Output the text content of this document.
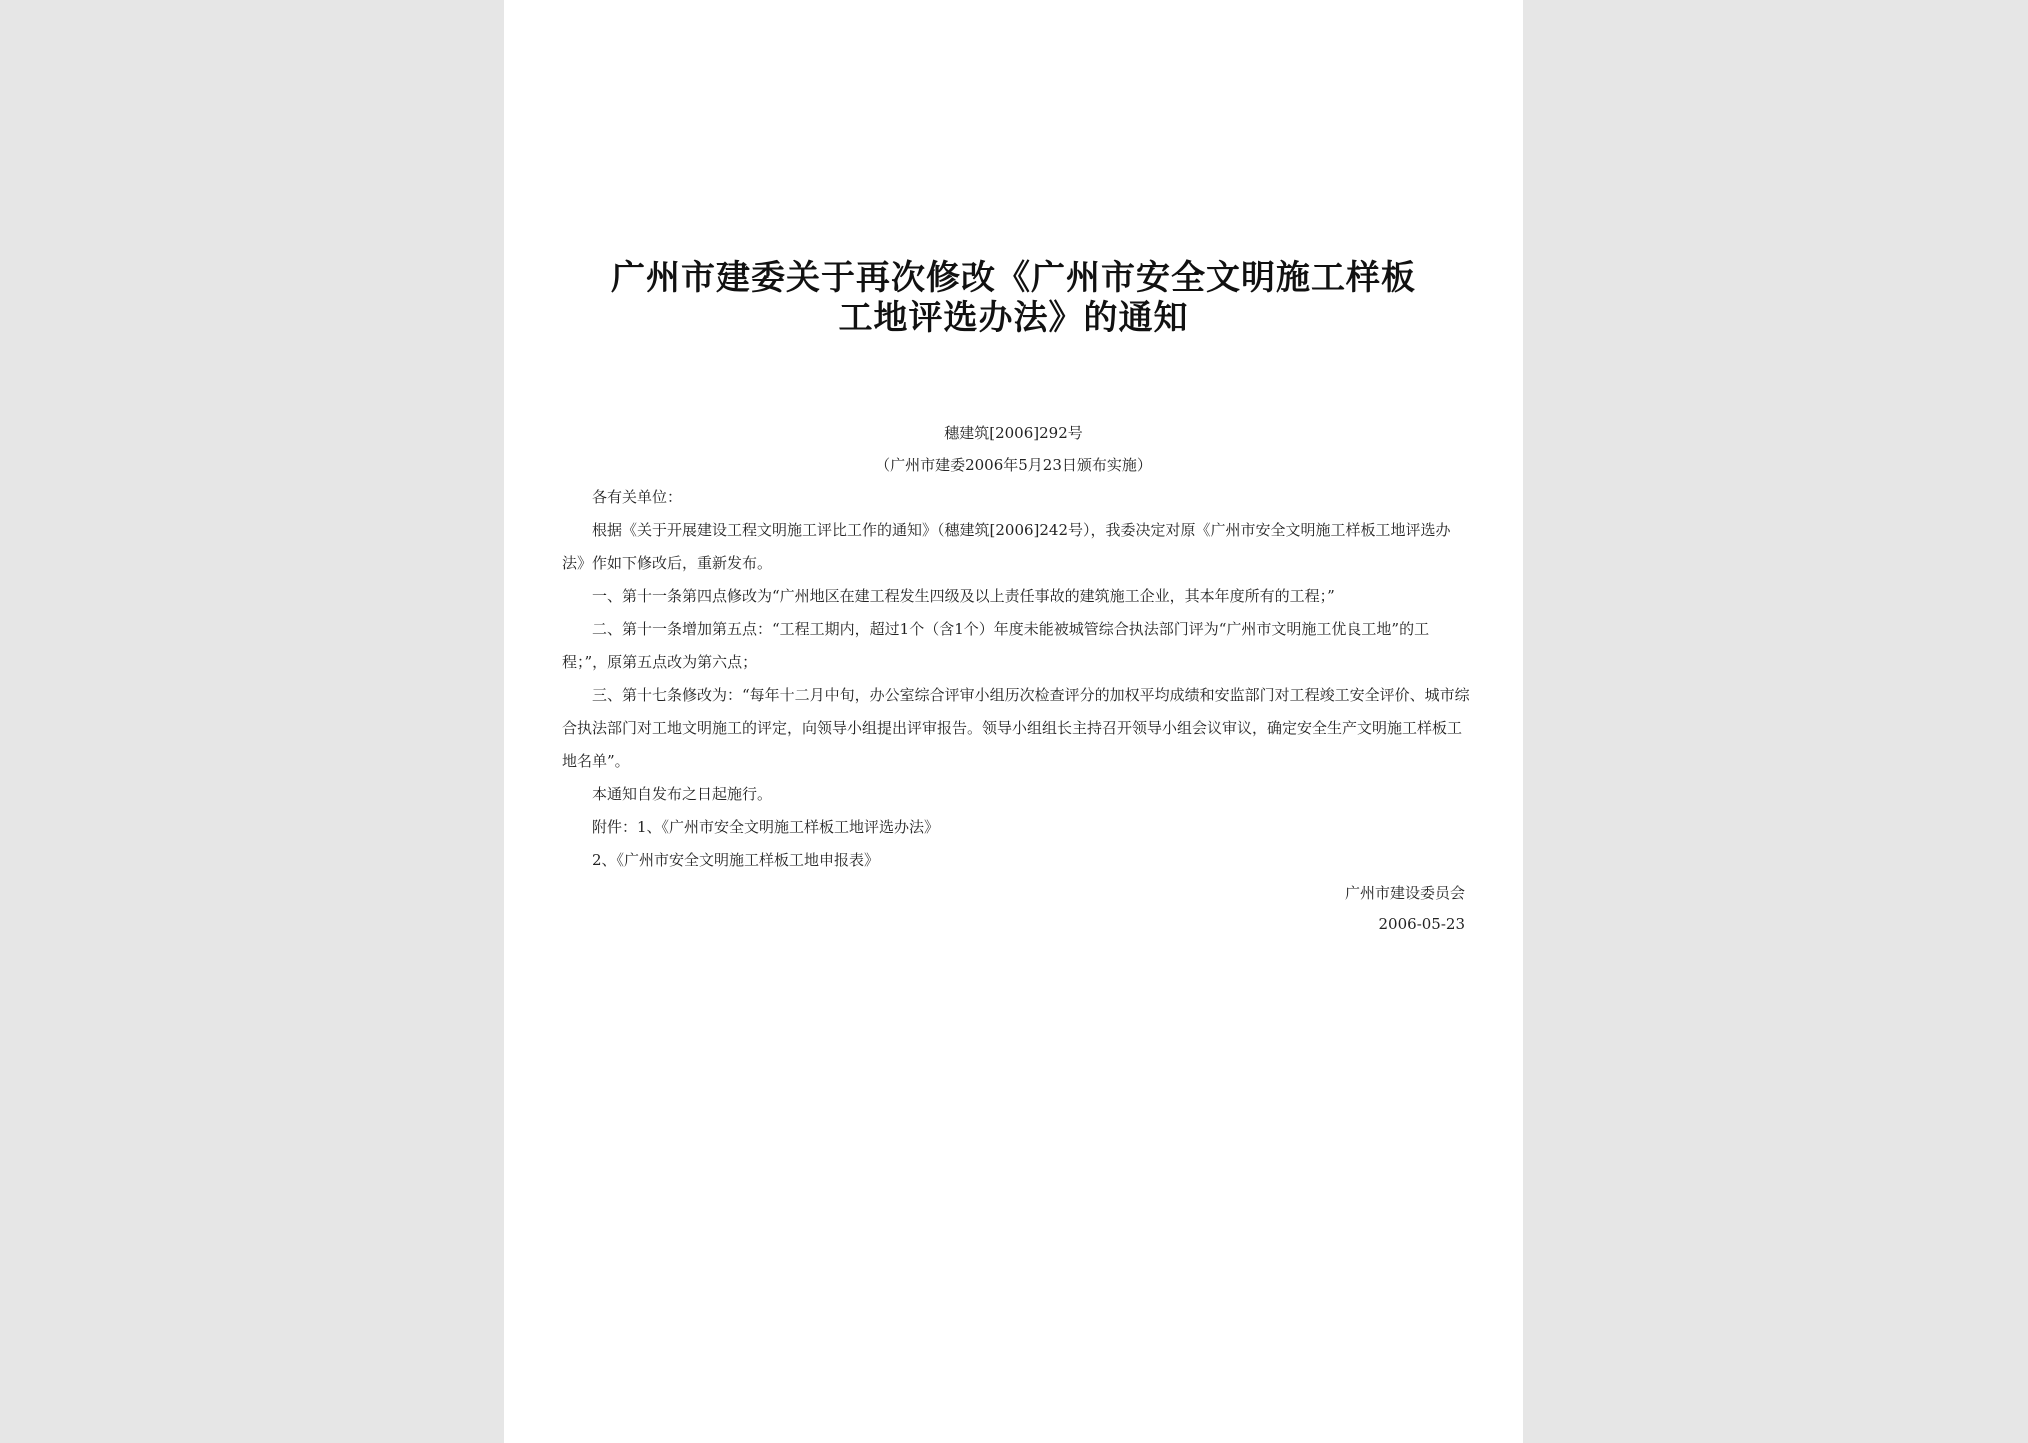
广州市建委关于再次修改《广州市安全文明施工样板
工地评选办法》的通知
穗建筑[2006]292号
（广州市建委2006年5月23日颁布实施）

各有关单位：

根据《关于开展建设工程文明施工评比工作的通知》（穗建筑[2006]242号），我委决定对原《广州市安全文明施工样板工地评选办法》作如下修改后，重新发布。

一、第十一条第四点修改为“广州地区在建工程发生四级及以上责任事故的建筑施工企业，其本年度所有的工程；”

二、第十一条增加第五点：“工程工期内，超过1个（含1个）年度未能被城管综合执法部门评为“广州市文明施工优良工地”的工程；”，原第五点改为第六点；

三、第十七条修改为：“每年十二月中旬，办公室综合评审小组历次检查评分的加权平均成绩和安监部门对工程竣工安全评价、城市综合执法部门对工地文明施工的评定，向领导小组提出评审报告。领导小组组长主持召开领导小组会议审议，确定安全生产文明施工样板工地名单”。

本通知自发布之日起施行。

附件：1、《广州市安全文明施工样板工地评选办法》

2、《广州市安全文明施工样板工地申报表》

广州市建设委员会
2006-05-23
